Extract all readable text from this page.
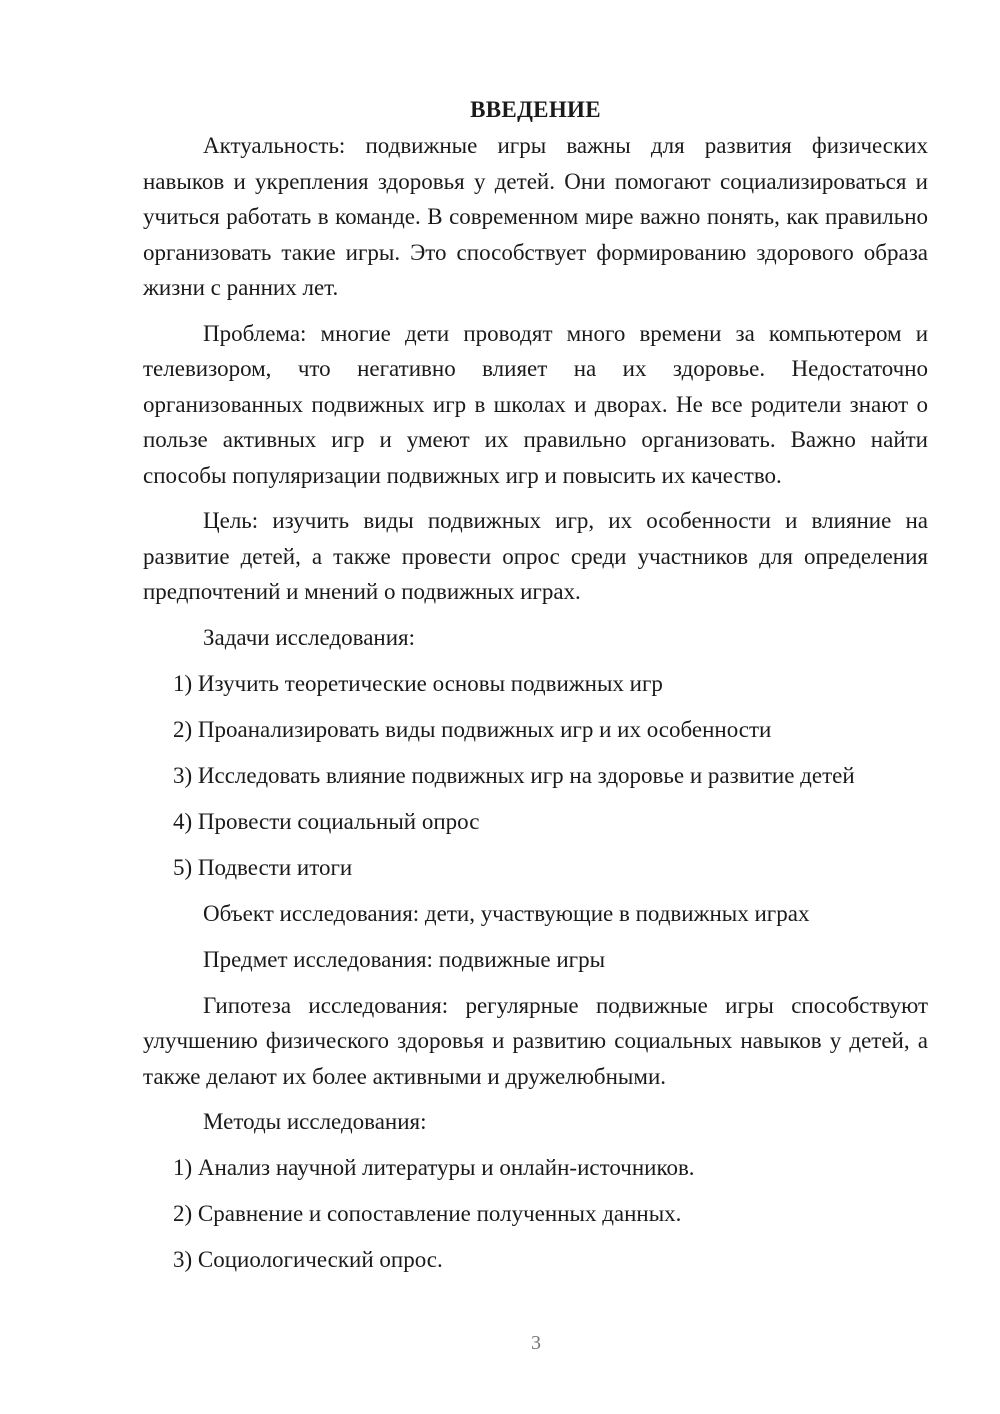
ВВЕДЕНИЕ

Актуальность: подвижные игры важны для развития физических навыков и укрепления здоровья у детей. Они помогают социализироваться и учиться работать в команде. В современном мире важно понять, как правильно организовать такие игры. Это способствует формированию здорового образа жизни с ранних лет.

Проблема: многие дети проводят много времени за компьютером и телевизором, что негативно влияет на их здоровье. Недостаточно организованных подвижных игр в школах и дворах. Не все родители знают о пользе активных игр и умеют их правильно организовать. Важно найти способы популяризации подвижных игр и повысить их качество.

Цель: изучить виды подвижных игр, их особенности и влияние на развитие детей, а также провести опрос среди участников для определения предпочтений и мнений о подвижных играх.

Задачи исследования:

1) Изучить теоретические основы подвижных игр

2) Проанализировать виды подвижных игр и их особенности

3) Исследовать влияние подвижных игр на здоровье и развитие детей

4) Провести социальный опрос

5) Подвести итоги

Объект исследования: дети, участвующие в подвижных играх

Предмет исследования: подвижные игры

Гипотеза исследования: регулярные подвижные игры способствуют улучшению физического здоровья и развитию социальных навыков у детей, а также делают их более активными и дружелюбными.

Методы исследования:

1) Анализ научной литературы и онлайн-источников.

2) Сравнение и сопоставление полученных данных.

3) Социологический опрос.

3
